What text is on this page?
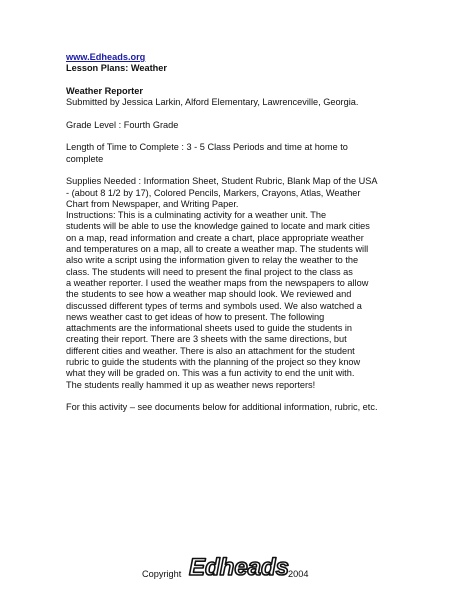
www.Edheads.org
Lesson Plans: Weather
Weather Reporter
Submitted by Jessica Larkin, Alford Elementary, Lawrenceville, Georgia.
Grade Level : Fourth Grade
Length of Time to Complete : 3 - 5 Class Periods and time at home to
complete
Supplies Needed : Information Sheet, Student Rubric, Blank Map of the USA
- (about 8 1/2 by 17), Colored Pencils, Markers, Crayons, Atlas, Weather
Chart from Newspaper, and Writing Paper.
Instructions: This is a culminating activity for a weather unit. The
students will be able to use the knowledge gained to locate and mark cities
on a map, read information and create a chart, place appropriate weather
and temperatures on a map, all to create a weather map. The students will
also write a script using the information given to relay the weather to the
class. The students will need to present the final project to the class as
a weather reporter. I used the weather maps from the newspapers to allow
the students to see how a weather map should look. We reviewed and
discussed different types of terms and symbols used. We also watched a
news weather cast to get ideas of how to present. The following
attachments are the informational sheets used to guide the students in
creating their report. There are 3 sheets with the same directions, but
different cities and weather. There is also an attachment for the student
rubric to guide the students with the planning of the project so they know
what they will be graded on. This was a fun activity to end the unit with.
The students really hammed it up as weather news reporters!
For this activity – see documents below for additional information, rubric, etc.
Copyright Edheads
2004
